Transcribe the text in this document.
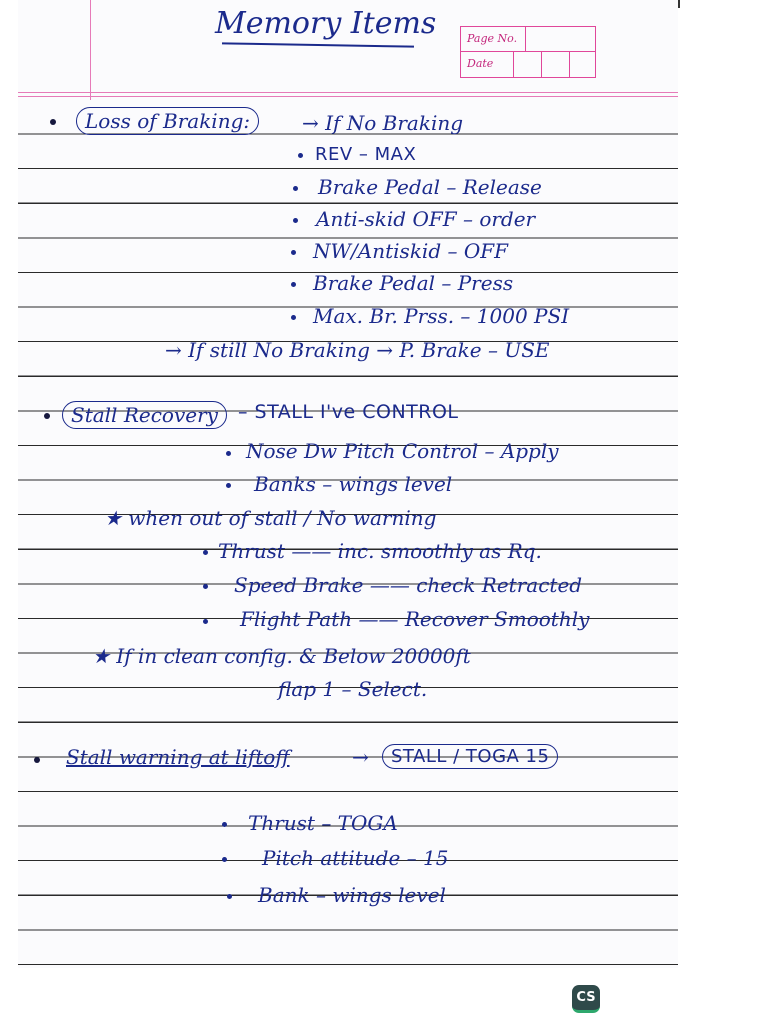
Memory Items	Page No.
Date
Loss of Braking:	→ If No Braking
REV – MAX
Brake Pedal – Release
Anti-skid OFF – order
NW/Antiskid – OFF
Brake Pedal – Press
Max. Br. Prss. – 1000 PSI
→ If still No Braking → P. Brake – USE
Stall Recovery	– STALL I've CONTROL
Nose Dw Pitch Control – Apply
Banks – wings level
★ when out of stall / No warning
Thrust —— inc. smoothly as Rq.
Speed Brake —— check Retracted
Flight Path —— Recover Smoothly
★ If in clean config. & Below 20000ft
flap 1 – Select.
Stall warning at liftoff	→	STALL / TOGA 15
Thrust – TOGA
Pitch attitude – 15
Bank – wings level
CS
